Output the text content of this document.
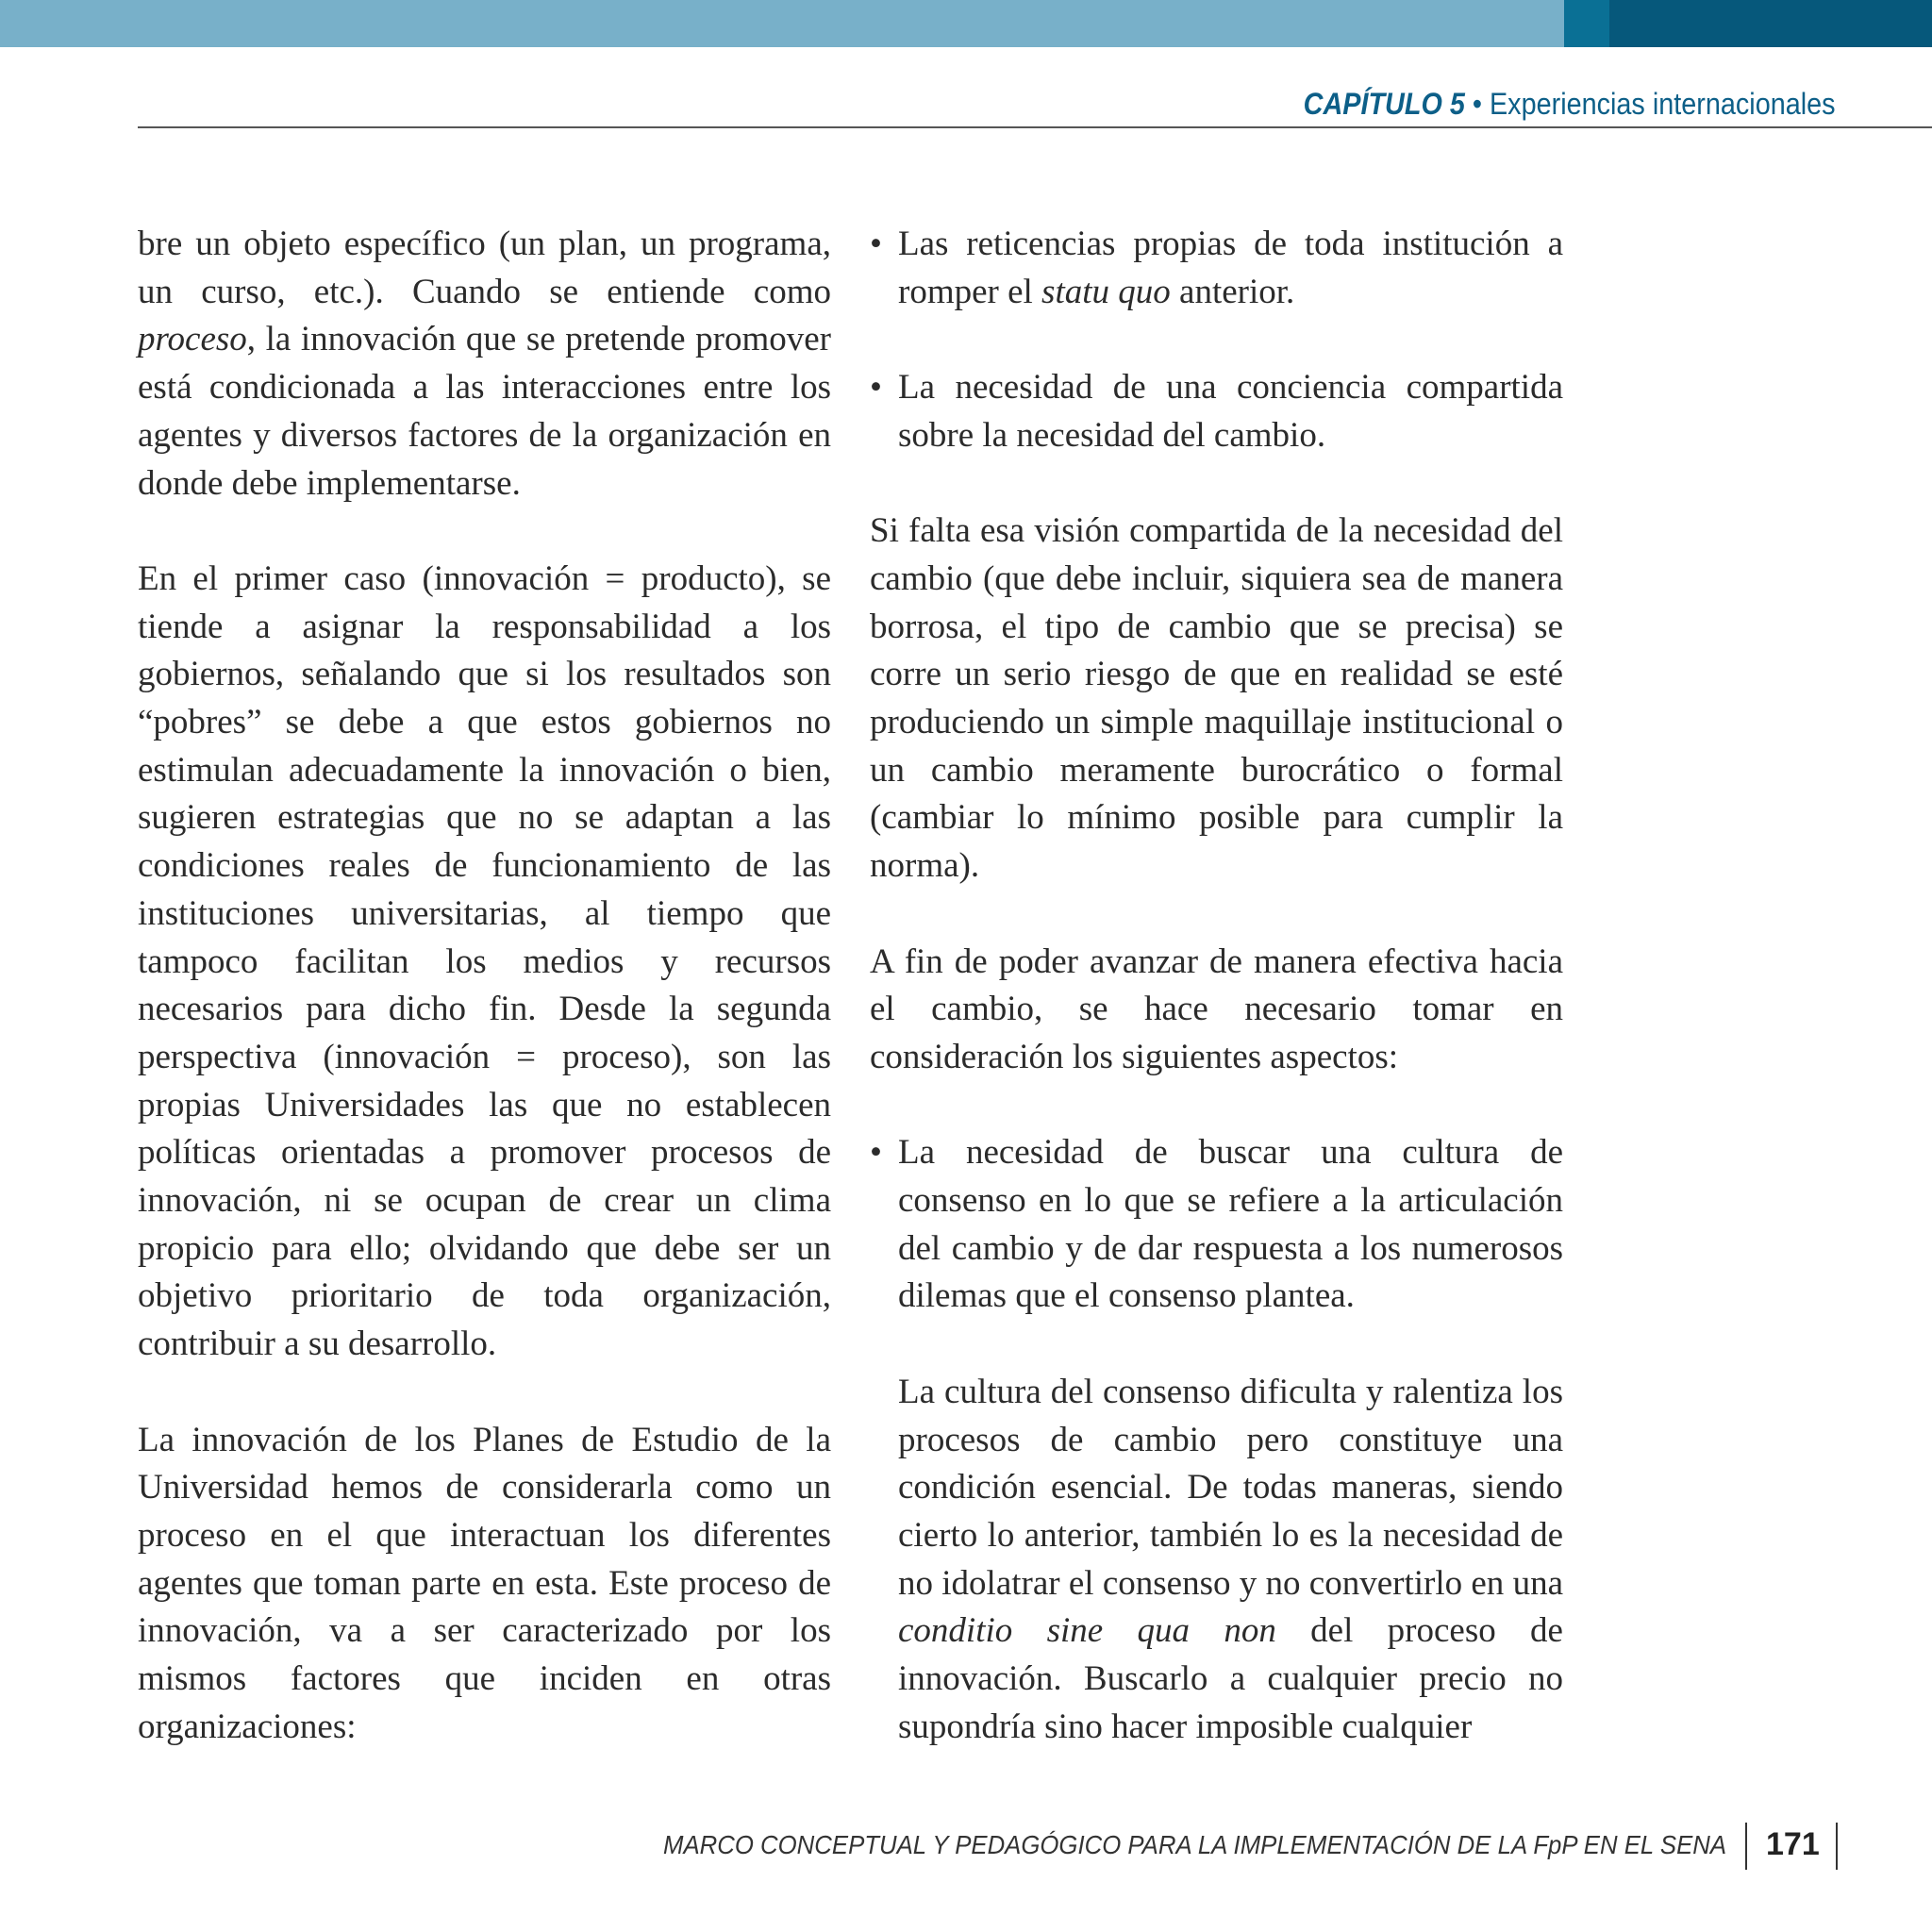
CAPÍTULO 5 • Experiencias internacionales

bre un objeto específico (un plan, un programa, un curso, etc.). Cuando se entiende como proceso, la innovación que se pretende promover está condicionada a las interacciones entre los agentes y diversos factores de la organización en donde debe implementarse.

En el primer caso (innovación = producto), se tiende a asignar la responsabilidad a los gobiernos, señalando que si los resultados son “pobres” se debe a que estos gobiernos no estimulan adecuadamente la innovación o bien, sugieren estrategias que no se adaptan a las condiciones reales de funcionamiento de las instituciones universitarias, al tiempo que tampoco facilitan los medios y recursos necesarios para dicho fin. Desde la segunda perspectiva (innovación = proceso), son las propias Universidades las que no establecen políticas orientadas a promover procesos de innovación, ni se ocupan de crear un clima propicio para ello; olvidando que debe ser un objetivo prioritario de toda organización, contribuir a su desarrollo.

La innovación de los Planes de Estudio de la Universidad hemos de considerarla como un proceso en el que interactuan los diferentes agentes que toman parte en esta. Este proceso de innovación, va a ser caracterizado por los mismos factores que inciden en otras organizaciones:

• Las reticencias propias de toda institución a romper el statu quo anterior.
• La necesidad de una conciencia compartida sobre la necesidad del cambio.

Si falta esa visión compartida de la necesidad del cambio (que debe incluir, siquiera sea de manera borrosa, el tipo de cambio que se precisa) se corre un serio riesgo de que en realidad se esté produciendo un simple maquillaje institucional o un cambio meramente burocrático o formal (cambiar lo mínimo posible para cumplir la norma).

A fin de poder avanzar de manera efectiva hacia el cambio, se hace necesario tomar en consideración los siguientes aspectos:

• La necesidad de buscar una cultura de consenso en lo que se refiere a la articulación del cambio y de dar respuesta a los numerosos dilemas que el consenso plantea.

La cultura del consenso dificulta y ralentiza los procesos de cambio pero constituye una condición esencial. De todas maneras, siendo cierto lo anterior, también lo es la necesidad de no idolatrar el consenso y no convertirlo en una conditio sine qua non del proceso de innovación. Buscarlo a cualquier precio no supondría sino hacer imposible cualquier

MARCO CONCEPTUAL Y PEDAGÓGICO PARA LA IMPLEMENTACIÓN DE LA FpP EN EL SENA 171
